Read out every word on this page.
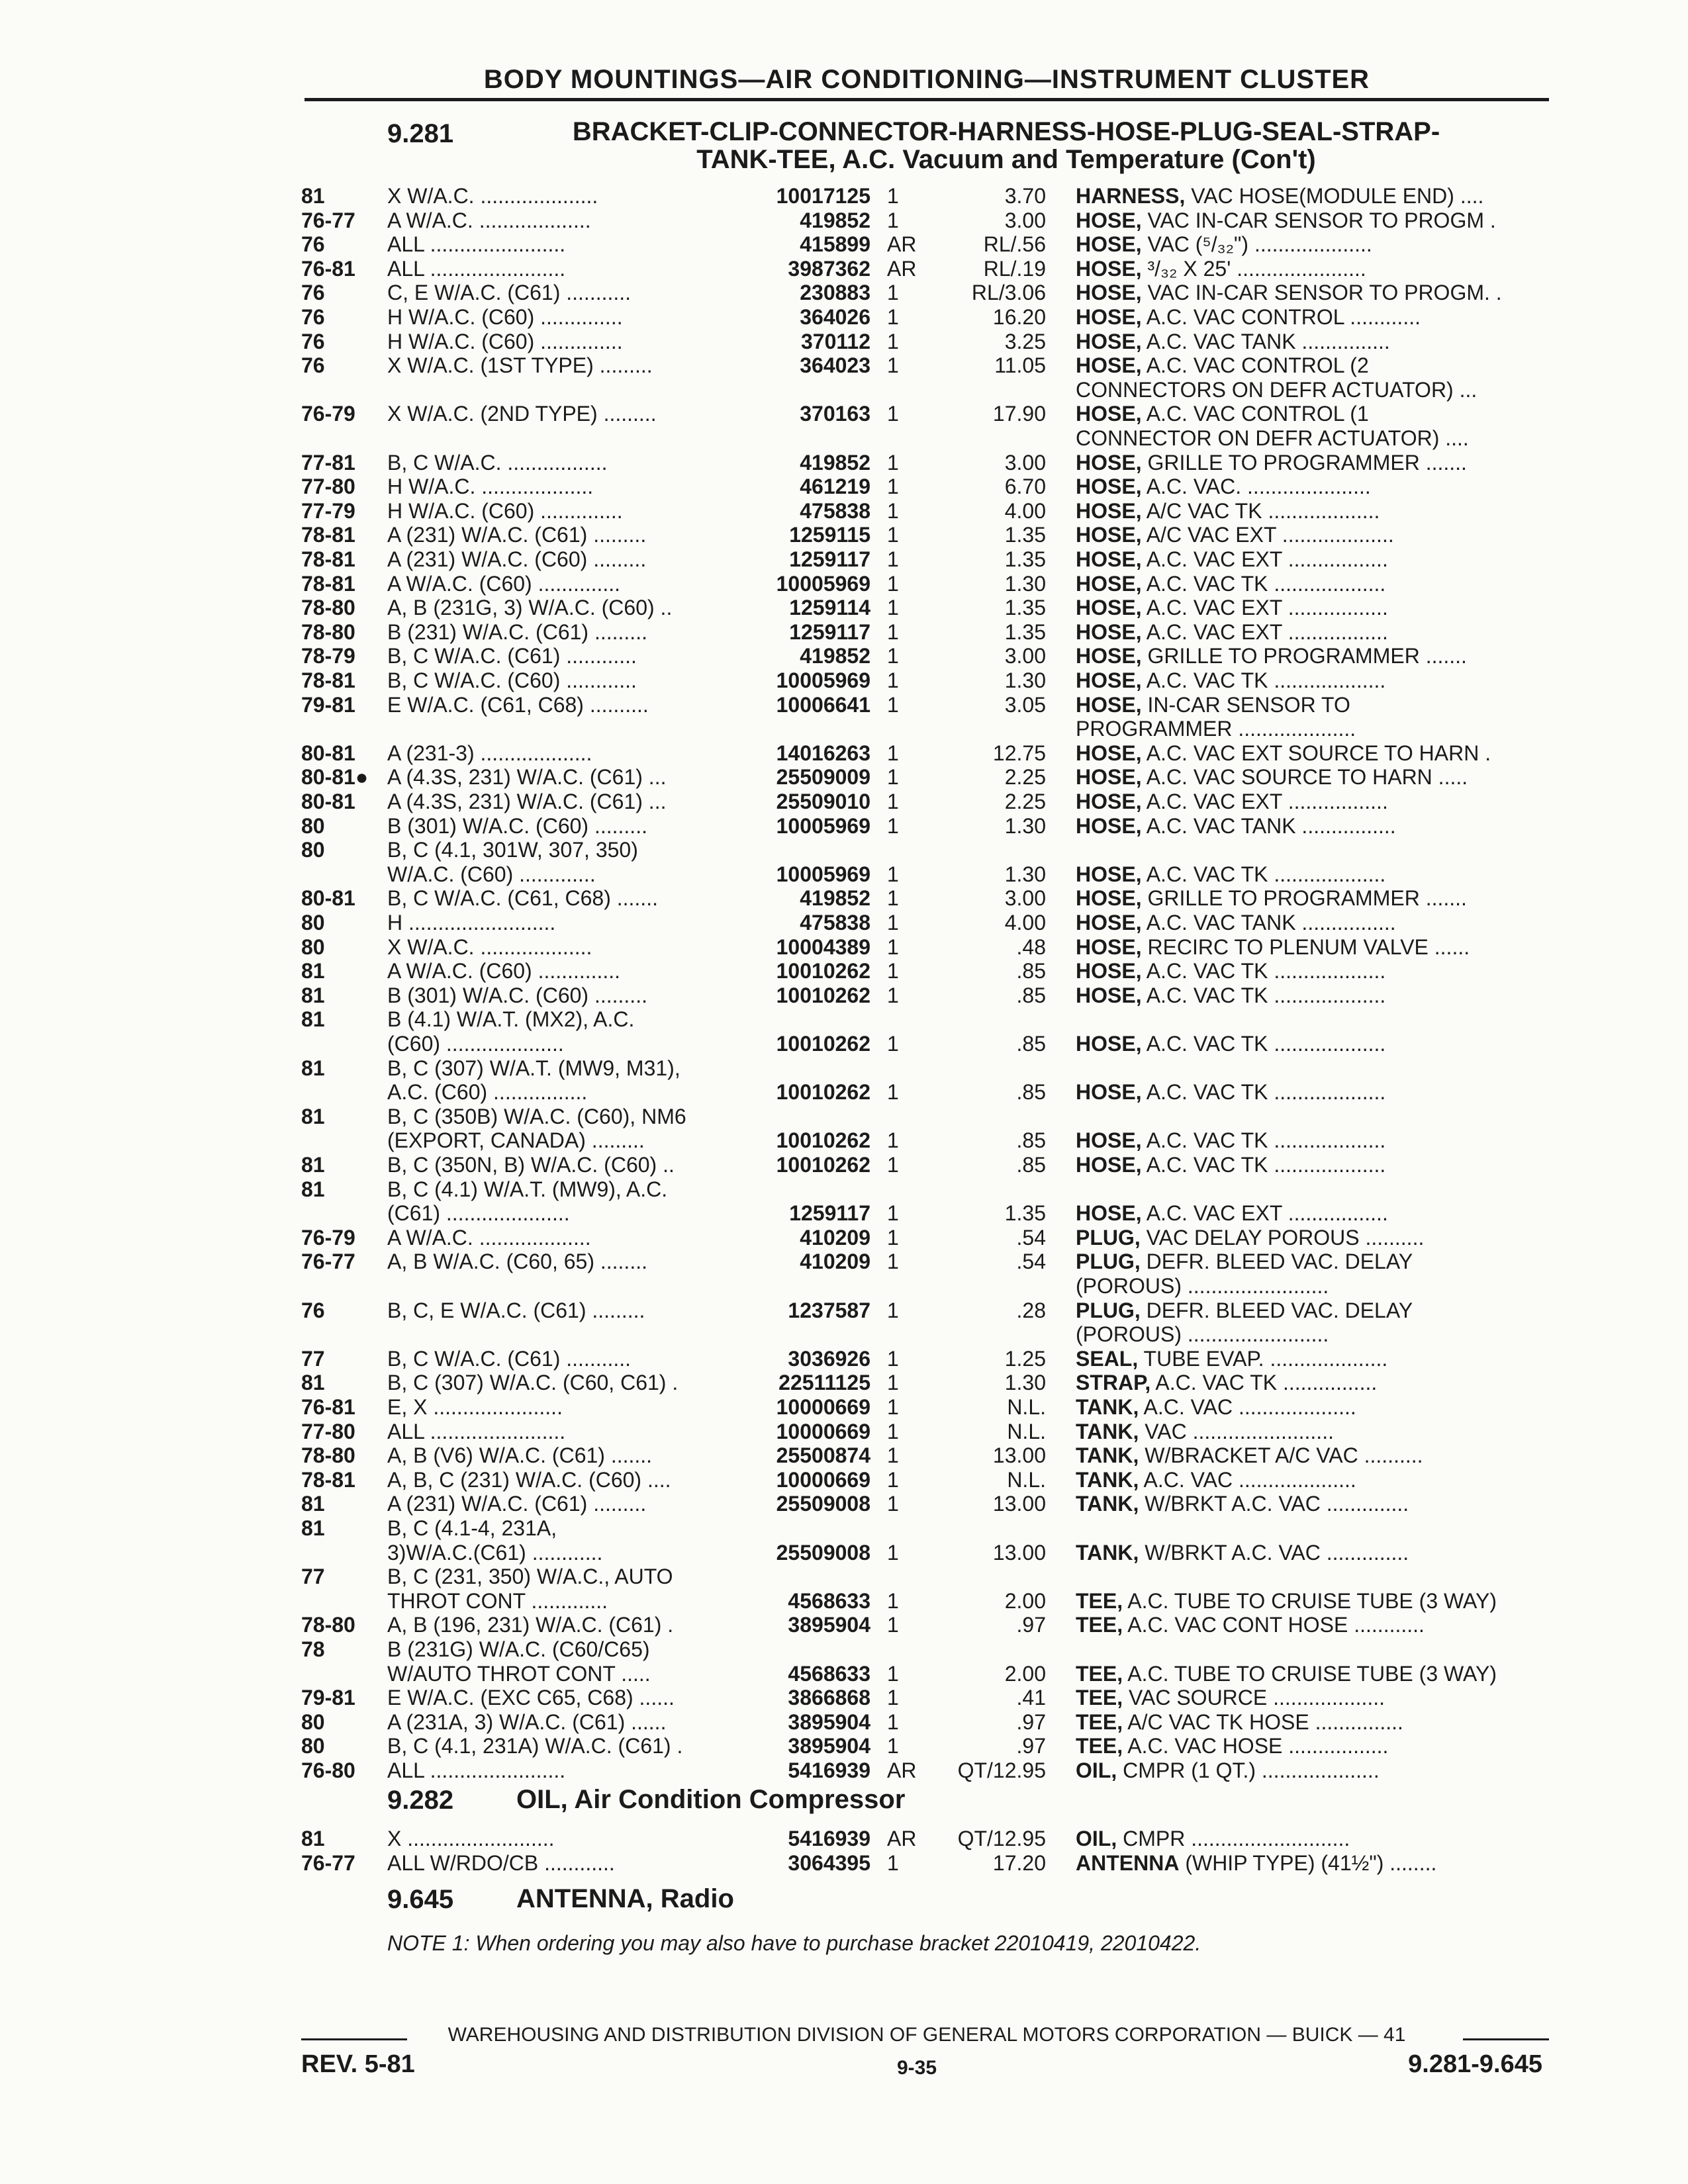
BODY MOUNTINGS—AIR CONDITIONING—INSTRUMENT CLUSTER
9.281	BRACKET-CLIP-CONNECTOR-HARNESS-HOSE-PLUG-SEAL-STRAP-
TANK-TEE, A.C. Vacuum and Temperature (Con't)
9.282 OIL, Air Condition Compressor
9.645 ANTENNA, Radio
NOTE 1: When ordering you may also have to purchase bracket 22010419, 22010422.
81	X W/A.C. ....................	10017125 1	3.70 HARNESS, VAC HOSE(MODULE END) ....
76-77 A W/A.C. ...................	419852 1	3.00 HOSE, VAC IN-CAR SENSOR TO PROGM .
76	ALL .......................	415899 AR	RL/.56 HOSE, VAC (⁵/₃₂") ....................
76-81 ALL .......................	3987362 AR	RL/.19 HOSE, ³/₃₂ X 25' ......................
76	C, E W/A.C. (C61) ...........	230883 1	RL/3.06 HOSE, VAC IN-CAR SENSOR TO PROGM. .
76	H W/A.C. (C60) ..............	364026 1	16.20 HOSE, A.C. VAC CONTROL ............
76	H W/A.C. (C60) ..............	370112 1	3.25 HOSE, A.C. VAC TANK ...............
76	X W/A.C. (1ST TYPE) .........	364023 1	11.05 HOSE, A.C. VAC CONTROL (2
CONNECTORS ON DEFR ACTUATOR) ...
76-79 X W/A.C. (2ND TYPE) .........	370163 1	17.90 HOSE, A.C. VAC CONTROL (1
CONNECTOR ON DEFR ACTUATOR) ....
77-81 B, C W/A.C. .................	419852 1	3.00 HOSE, GRILLE TO PROGRAMMER .......
77-80 H W/A.C. ...................	461219 1	6.70 HOSE, A.C. VAC. .....................
77-79 H W/A.C. (C60) ..............	475838 1	4.00 HOSE, A/C VAC TK ...................
78-81 A (231) W/A.C. (C61) .........	1259115 1	1.35 HOSE, A/C VAC EXT ...................
78-81 A (231) W/A.C. (C60) .........	1259117 1	1.35 HOSE, A.C. VAC EXT .................
78-81 A W/A.C. (C60) ..............	10005969 1	1.30 HOSE, A.C. VAC TK ...................
78-80 A, B (231G, 3) W/A.C. (C60) ..	1259114 1	1.35 HOSE, A.C. VAC EXT .................
78-80 B (231) W/A.C. (C61) .........	1259117 1	1.35 HOSE, A.C. VAC EXT .................
78-79 B, C W/A.C. (C61) ............	419852 1	3.00 HOSE, GRILLE TO PROGRAMMER .......
78-81 B, C W/A.C. (C60) ............	10005969 1	1.30 HOSE, A.C. VAC TK ...................
79-81 E W/A.C. (C61, C68) ..........	10006641 1	3.05 HOSE, IN-CAR SENSOR TO
PROGRAMMER ....................
80-81 A (231-3) ...................	14016263 1	12.75 HOSE, A.C. VAC EXT SOURCE TO HARN .
80-81● A (4.3S, 231) W/A.C. (C61) ...	25509009 1	2.25 HOSE, A.C. VAC SOURCE TO HARN .....
80-81 A (4.3S, 231) W/A.C. (C61) ...	25509010 1	2.25 HOSE, A.C. VAC EXT .................
80	B (301) W/A.C. (C60) .........	10005969 1	1.30 HOSE, A.C. VAC TANK ................
80	B, C (4.1, 301W, 307, 350)
W/A.C. (C60) .............	10005969 1	1.30 HOSE, A.C. VAC TK ...................
80-81 B, C W/A.C. (C61, C68) .......	419852 1	3.00 HOSE, GRILLE TO PROGRAMMER .......
80	H .........................	475838 1	4.00 HOSE, A.C. VAC TANK ................
80	X W/A.C. ...................	10004389 1	.48 HOSE, RECIRC TO PLENUM VALVE ......
81	A W/A.C. (C60) ..............	10010262 1	.85 HOSE, A.C. VAC TK ...................
81	B (301) W/A.C. (C60) .........	10010262 1	.85 HOSE, A.C. VAC TK ...................
81	B (4.1) W/A.T. (MX2), A.C.
(C60) ....................	10010262 1	.85 HOSE, A.C. VAC TK ...................
81	B, C (307) W/A.T. (MW9, M31),
A.C. (C60) ................	10010262 1	.85 HOSE, A.C. VAC TK ...................
81	B, C (350B) W/A.C. (C60), NM6
(EXPORT, CANADA) .........	10010262 1	.85 HOSE, A.C. VAC TK ...................
81	B, C (350N, B) W/A.C. (C60) ..	10010262 1	.85 HOSE, A.C. VAC TK ...................
81	B, C (4.1) W/A.T. (MW9), A.C.
(C61) .....................	1259117 1	1.35 HOSE, A.C. VAC EXT .................
76-79 A W/A.C. ...................	410209 1	.54 PLUG, VAC DELAY POROUS ..........
76-77 A, B W/A.C. (C60, 65) ........	410209 1	.54 PLUG, DEFR. BLEED VAC. DELAY
(POROUS) ........................
76	B, C, E W/A.C. (C61) .........	1237587 1	.28 PLUG, DEFR. BLEED VAC. DELAY
(POROUS) ........................
77	B, C W/A.C. (C61) ...........	3036926 1	1.25 SEAL, TUBE EVAP. ....................
81	B, C (307) W/A.C. (C60, C61) .	22511125 1	1.30 STRAP, A.C. VAC TK ................
76-81 E, X ......................	10000669 1	N.L. TANK, A.C. VAC ....................
77-80 ALL .......................	10000669 1	N.L. TANK, VAC ........................
78-80 A, B (V6) W/A.C. (C61) .......	25500874 1	13.00 TANK, W/BRACKET A/C VAC ..........
78-81 A, B, C (231) W/A.C. (C60) ....	10000669 1	N.L. TANK, A.C. VAC ....................
81	A (231) W/A.C. (C61) .........	25509008 1	13.00 TANK, W/BRKT A.C. VAC ..............
81	B, C (4.1-4, 231A,
3)W/A.C.(C61) ............	25509008 1	13.00 TANK, W/BRKT A.C. VAC ..............
77	B, C (231, 350) W/A.C., AUTO
THROT CONT .............	4568633 1	2.00 TEE, A.C. TUBE TO CRUISE TUBE (3 WAY)
78-80 A, B (196, 231) W/A.C. (C61) .	3895904 1	.97 TEE, A.C. VAC CONT HOSE ............
78	B (231G) W/A.C. (C60/C65)
W/AUTO THROT CONT .....	4568633 1	2.00 TEE, A.C. TUBE TO CRUISE TUBE (3 WAY)
79-81 E W/A.C. (EXC C65, C68) ......	3866868 1	.41 TEE, VAC SOURCE ...................
80	A (231A, 3) W/A.C. (C61) ......	3895904 1	.97 TEE, A/C VAC TK HOSE ...............
80	B, C (4.1, 231A) W/A.C. (C61) .	3895904 1	.97 TEE, A.C. VAC HOSE .................
76-80 ALL .......................	5416939 AR QT/12.95 OIL, CMPR (1 QT.) ....................
81	X .........................	5416939 AR QT/12.95 OIL, CMPR ...........................
76-77 ALL W/RDO/CB ............	3064395 1	17.20 ANTENNA (WHIP TYPE) (41½") ........
WAREHOUSING AND DISTRIBUTION DIVISION OF GENERAL MOTORS CORPORATION — BUICK — 41
REV. 5-81	9-35	9.281-9.645
